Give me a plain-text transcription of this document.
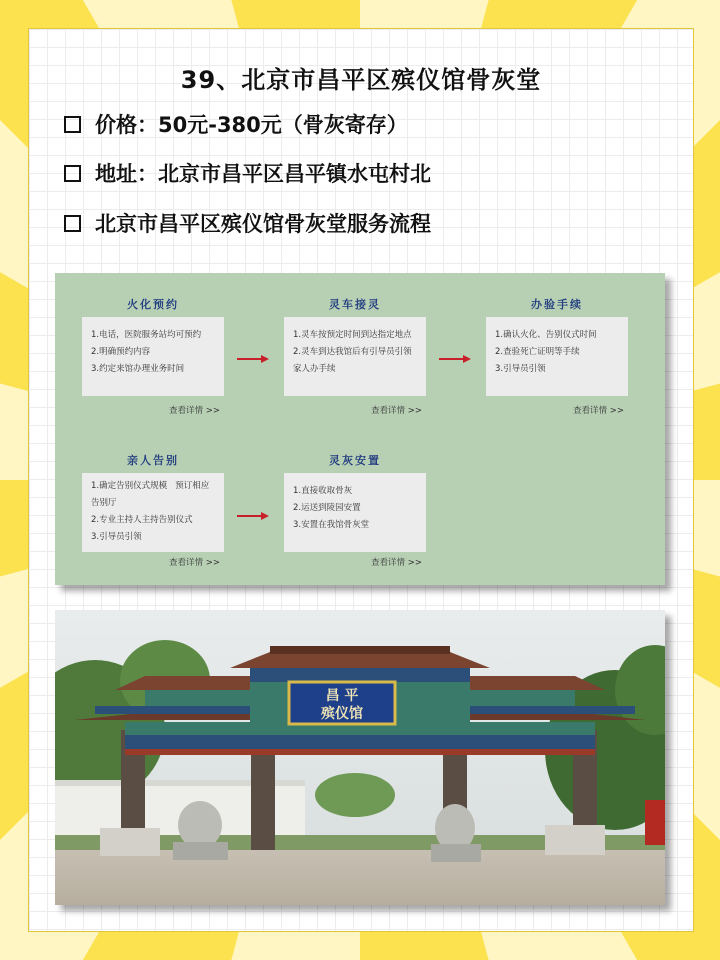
39、北京市昌平区殡仪馆骨灰堂
价格：50元-380元（骨灰寄存）
地址：北京市昌平区昌平镇水屯村北
北京市昌平区殡仪馆骨灰堂服务流程
火化预约
1.电话，医院服务站均可预约
2.明确预约内容
3.约定来馆办理业务时间
查看详情 >>
灵车接灵
1.灵车按预定时间到达指定地点
2.灵车到达我馆后有引导员引领
家人办手续
查看详情 >>
办验手续
1.确认火化、告别仪式时间
2.查验死亡证明等手续
3.引导员引领
查看详情 >>
亲人告别
1.确定告别仪式规模   预订相应
告别厅
2.专业主持人主持告别仪式
3.引导员引领
查看详情 >>
灵灰安置
1.直接收取骨灰
2.运送到陵园安置
3.安置在我馆骨灰堂
查看详情 >>
昌 平
殡仪馆
